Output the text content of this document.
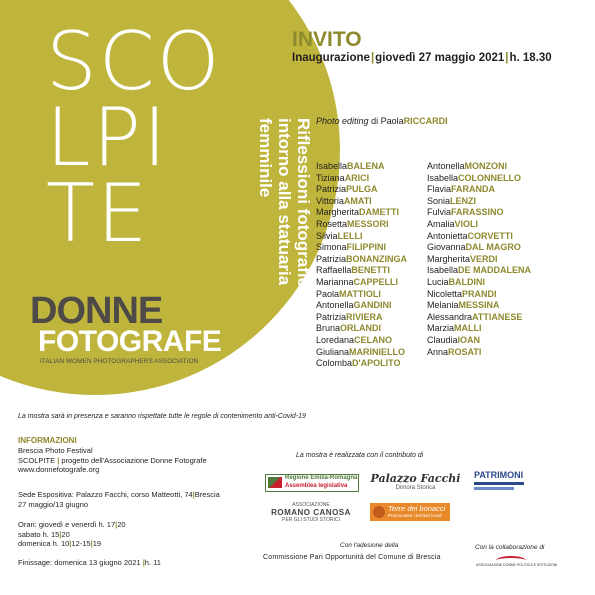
SCO
LPI
TE	Riflessioni fotografiche
intorno alla statuaria
femminile
DONNE
FOTOGRAFE
ITALIAN WOMEN PHOTOGRAPHERS ASSOCIATION
INVITO
Inaugurazione|giovedì 27 maggio 2021|h. 18.30
Photo editing di PaolaRICCARDI
IsabellaBALENA
TizianaARICI
PatriziaPULGA
VittoriaAMATI
MargheritaDAMETTI
RosettaMESSORI
SilviaLELLI
SimonaFILIPPINI
PatriziaBONANZINGA
RaffaellaBENETTI
MariannaCAPPELLI
PaolaMATTIOLI
AntonellaGANDINI
PatriziaRIVIERA
BrunaORLANDI
LoredanaCELANO
GiulianaMARINIELLO
ColombaD'APOLITO
AntonellaMONZONI
IsabellaCOLONNELLO
FlaviaFARANDA
SoniaLENZI
FulviaFARASSINO
AmaliaVIOLI
AntoniettaCORVETTI
GiovannaDAL MAGRO
MargheritaVERDI
IsabellaDE MADDALENA
LuciaBALDINI
NicolettaPRANDI
MelaniaMESSINA
AlessandraATTIANESE
MarziaMALLI
ClaudiaIOAN
AnnaROSATI
La mostra sarà in presenza e saranno rispettate tutte le regole di contenimento anti-Covid-19
INFORMAZIONI
Brescia Photo Festival
SCOLPITE | progetto dell'Associazione Donne Fotografe
www.donnefotografe.org
Sede Espositiva: Palazzo Facchi, corso Matteotti, 74|Brescia
27 maggio/13 giugno
Orari: giovedì e venerdì h. 17|20
sabato h. 15|20
domenica h. 10|12-15|19
Finissage: domenica 13 giugno 2021 |h. 11
La mostra è realizzata con il contributo di
Regione Emilia-Romagna
Assemblea legislativa
Palazzo Facchi
Dimora Storica
PATRIMONI
ASSOCIAZIONE
ROMANO CANOSA
PER GLI STUDI STORICI
Terre dei bonacci
Promuovere i territori locali
Con l'adesione della
Commissione Pari Opportunità del Comune di Brescia
Con la collaborazione di
ASSOCIAZIONE DONNE POLITICA E ISTITUZIONI
